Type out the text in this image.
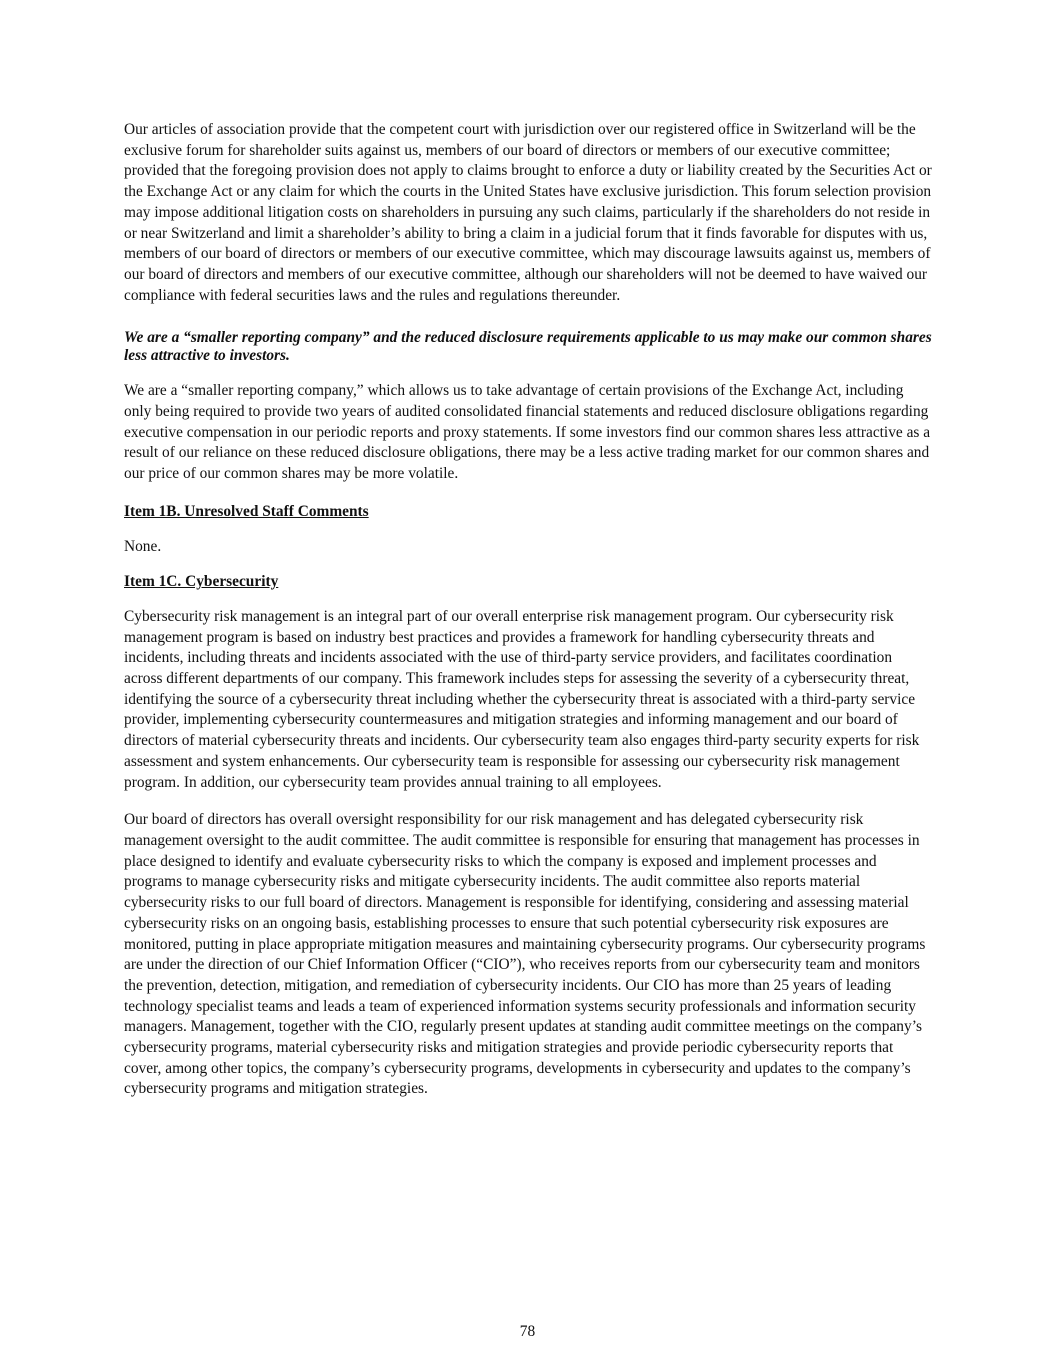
Our articles of association provide that the competent court with jurisdiction over our registered office in Switzerland will be the exclusive forum for shareholder suits against us, members of our board of directors or members of our executive committee; provided that the foregoing provision does not apply to claims brought to enforce a duty or liability created by the Securities Act or the Exchange Act or any claim for which the courts in the United States have exclusive jurisdiction. This forum selection provision may impose additional litigation costs on shareholders in pursuing any such claims, particularly if the shareholders do not reside in or near Switzerland and limit a shareholder’s ability to bring a claim in a judicial forum that it finds favorable for disputes with us, members of our board of directors or members of our executive committee, which may discourage lawsuits against us, members of our board of directors and members of our executive committee, although our shareholders will not be deemed to have waived our compliance with federal securities laws and the rules and regulations thereunder.

We are a “smaller reporting company” and the reduced disclosure requirements applicable to us may make our common shares less attractive to investors.

We are a “smaller reporting company,” which allows us to take advantage of certain provisions of the Exchange Act, including only being required to provide two years of audited consolidated financial statements and reduced disclosure obligations regarding executive compensation in our periodic reports and proxy statements. If some investors find our common shares less attractive as a result of our reliance on these reduced disclosure obligations, there may be a less active trading market for our common shares and our price of our common shares may be more volatile.

Item 1B. Unresolved Staff Comments

None.

Item 1C. Cybersecurity

Cybersecurity risk management is an integral part of our overall enterprise risk management program. Our cybersecurity risk management program is based on industry best practices and provides a framework for handling cybersecurity threats and incidents, including threats and incidents associated with the use of third-party service providers, and facilitates coordination across different departments of our company. This framework includes steps for assessing the severity of a cybersecurity threat, identifying the source of a cybersecurity threat including whether the cybersecurity threat is associated with a third-party service provider, implementing cybersecurity countermeasures and mitigation strategies and informing management and our board of directors of material cybersecurity threats and incidents. Our cybersecurity team also engages third-party security experts for risk assessment and system enhancements. Our cybersecurity team is responsible for assessing our cybersecurity risk management program. In addition, our cybersecurity team provides annual training to all employees.

Our board of directors has overall oversight responsibility for our risk management and has delegated cybersecurity risk management oversight to the audit committee. The audit committee is responsible for ensuring that management has processes in place designed to identify and evaluate cybersecurity risks to which the company is exposed and implement processes and programs to manage cybersecurity risks and mitigate cybersecurity incidents. The audit committee also reports material cybersecurity risks to our full board of directors. Management is responsible for identifying, considering and assessing material cybersecurity risks on an ongoing basis, establishing processes to ensure that such potential cybersecurity risk exposures are monitored, putting in place appropriate mitigation measures and maintaining cybersecurity programs. Our cybersecurity programs are under the direction of our Chief Information Officer (“CIO”), who receives reports from our cybersecurity team and monitors the prevention, detection, mitigation, and remediation of cybersecurity incidents. Our CIO has more than 25 years of leading technology specialist teams and leads a team of experienced information systems security professionals and information security managers. Management, together with the CIO, regularly present updates at standing audit committee meetings on the company’s cybersecurity programs, material cybersecurity risks and mitigation strategies and provide periodic cybersecurity reports that cover, among other topics, the company’s cybersecurity programs, developments in cybersecurity and updates to the company’s cybersecurity programs and mitigation strategies.

78
